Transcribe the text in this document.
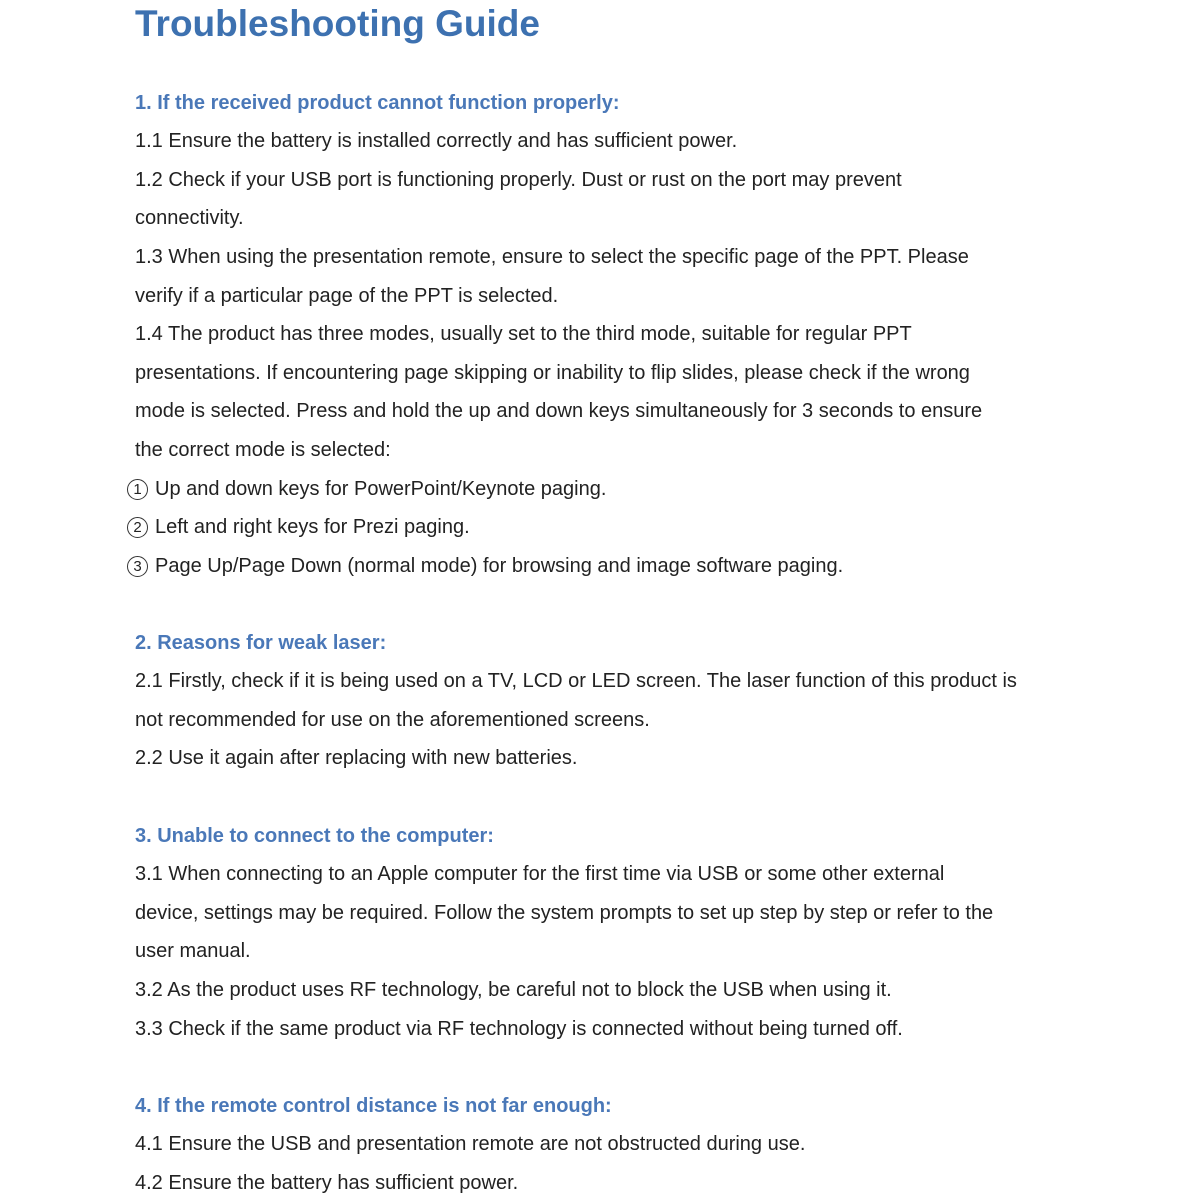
Troubleshooting Guide

1. If the received product cannot function properly:

1.1 Ensure the battery is installed correctly and has sufficient power.

1.2 Check if your USB port is functioning properly. Dust or rust on the port may prevent

connectivity.

1.3 When using the presentation remote, ensure to select the specific page of the PPT. Please

verify if a particular page of the PPT is selected.

1.4 The product has three modes, usually set to the third mode, suitable for regular PPT

presentations. If encountering page skipping or inability to flip slides, please check if the wrong

mode is selected. Press and hold the up and down keys simultaneously for 3 seconds to ensure

the correct mode is selected:

1 Up and down keys for PowerPoint/Keynote paging.

2 Left and right keys for Prezi paging.

3 Page Up/Page Down (normal mode) for browsing and image software paging.

2. Reasons for weak laser:

2.1 Firstly, check if it is being used on a TV, LCD or LED screen. The laser function of this product is

not recommended for use on the aforementioned screens.

2.2 Use it again after replacing with new batteries.

3. Unable to connect to the computer:

3.1 When connecting to an Apple computer for the first time via USB or some other external

device, settings may be required. Follow the system prompts to set up step by step or refer to the

user manual.

3.2 As the product uses RF technology, be careful not to block the USB when using it.

3.3 Check if the same product via RF technology is connected without being turned off.

4. If the remote control distance is not far enough:

4.1 Ensure the USB and presentation remote are not obstructed during use.

4.2 Ensure the battery has sufficient power.
